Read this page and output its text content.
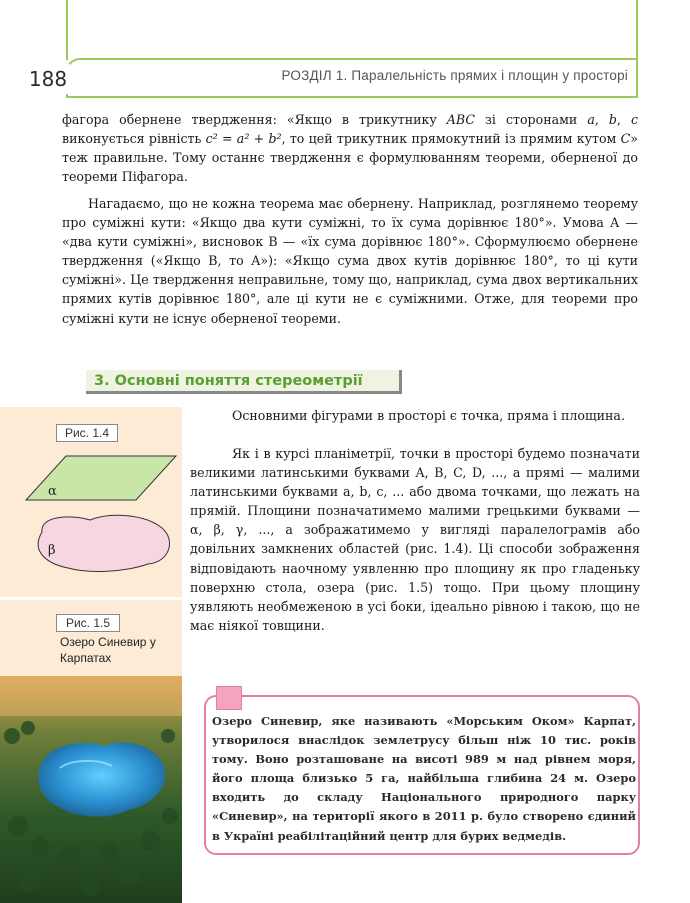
188	РОЗДІЛ 1. Паралельність прямих і площин у просторі
фагора обернене твердження: «Якщо в трикутнику ABC зі сторонами a, b, c виконується рівність c² = a² + b², то цей трикутник прямокутний із прямим кутом C» теж правильне. Тому останнє твердження є формулюванням теореми, оберненої до теореми Піфагора.
Нагадаємо, що не кожна теорема має обернену. Наприклад, розглянемо теорему про суміжні кути: «Якщо два кути суміжні, то їх сума дорівнює 180°». Умова A — «два кути суміжні», висновок B — «їх сума дорівнює 180°». Сформулюємо обернене твердження («Якщо B, то A»): «Якщо сума двох кутів дорівнює 180°, то ці кути суміжні». Це твердження неправильне, тому що, наприклад, сума двох вертикальних прямих кутів дорівнює 180°, але ці кути не є суміжними. Отже, для теореми про суміжні кути не існує оберненої теореми.
3. Основні поняття стереометрії
Рис. 1.4
α
β
Рис. 1.5
Озеро Синевир у Карпатах
Основними фігурами в просторі є точка, пряма і площина.
Як і в курсі планіметрії, точки в просторі будемо позначати великими латинськими буквами A, B, C, D, ..., а прямі — малими латинськими буквами a, b, c, ... або двома точками, що лежать на прямій. Площини позначатимемо малими грецькими буквами — α, β, γ, ..., а зображатимемо у вигляді паралелограмів або довільних замкнених областей (рис. 1.4). Ці способи зображення відповідають наочному уявленню про площину як про гладеньку поверхню стола, озера (рис. 1.5) тощо. При цьому площину уявляють необмеженою в усі боки, ідеально рівною і такою, що не має ніякої товщини.
Озеро Синевир, яке називають «Морським Оком» Карпат, утворилося внаслідок землетрусу більш ніж 10 тис. років тому. Воно розташоване на висоті 989 м над рівнем моря, його площа близько 5 га, найбільша глибина 24 м. Озеро входить до складу Національного природного парку «Синевир», на території якого в 2011 р. було створено єдиний в Україні реабілітаційний центр для бурих ведмедів.
